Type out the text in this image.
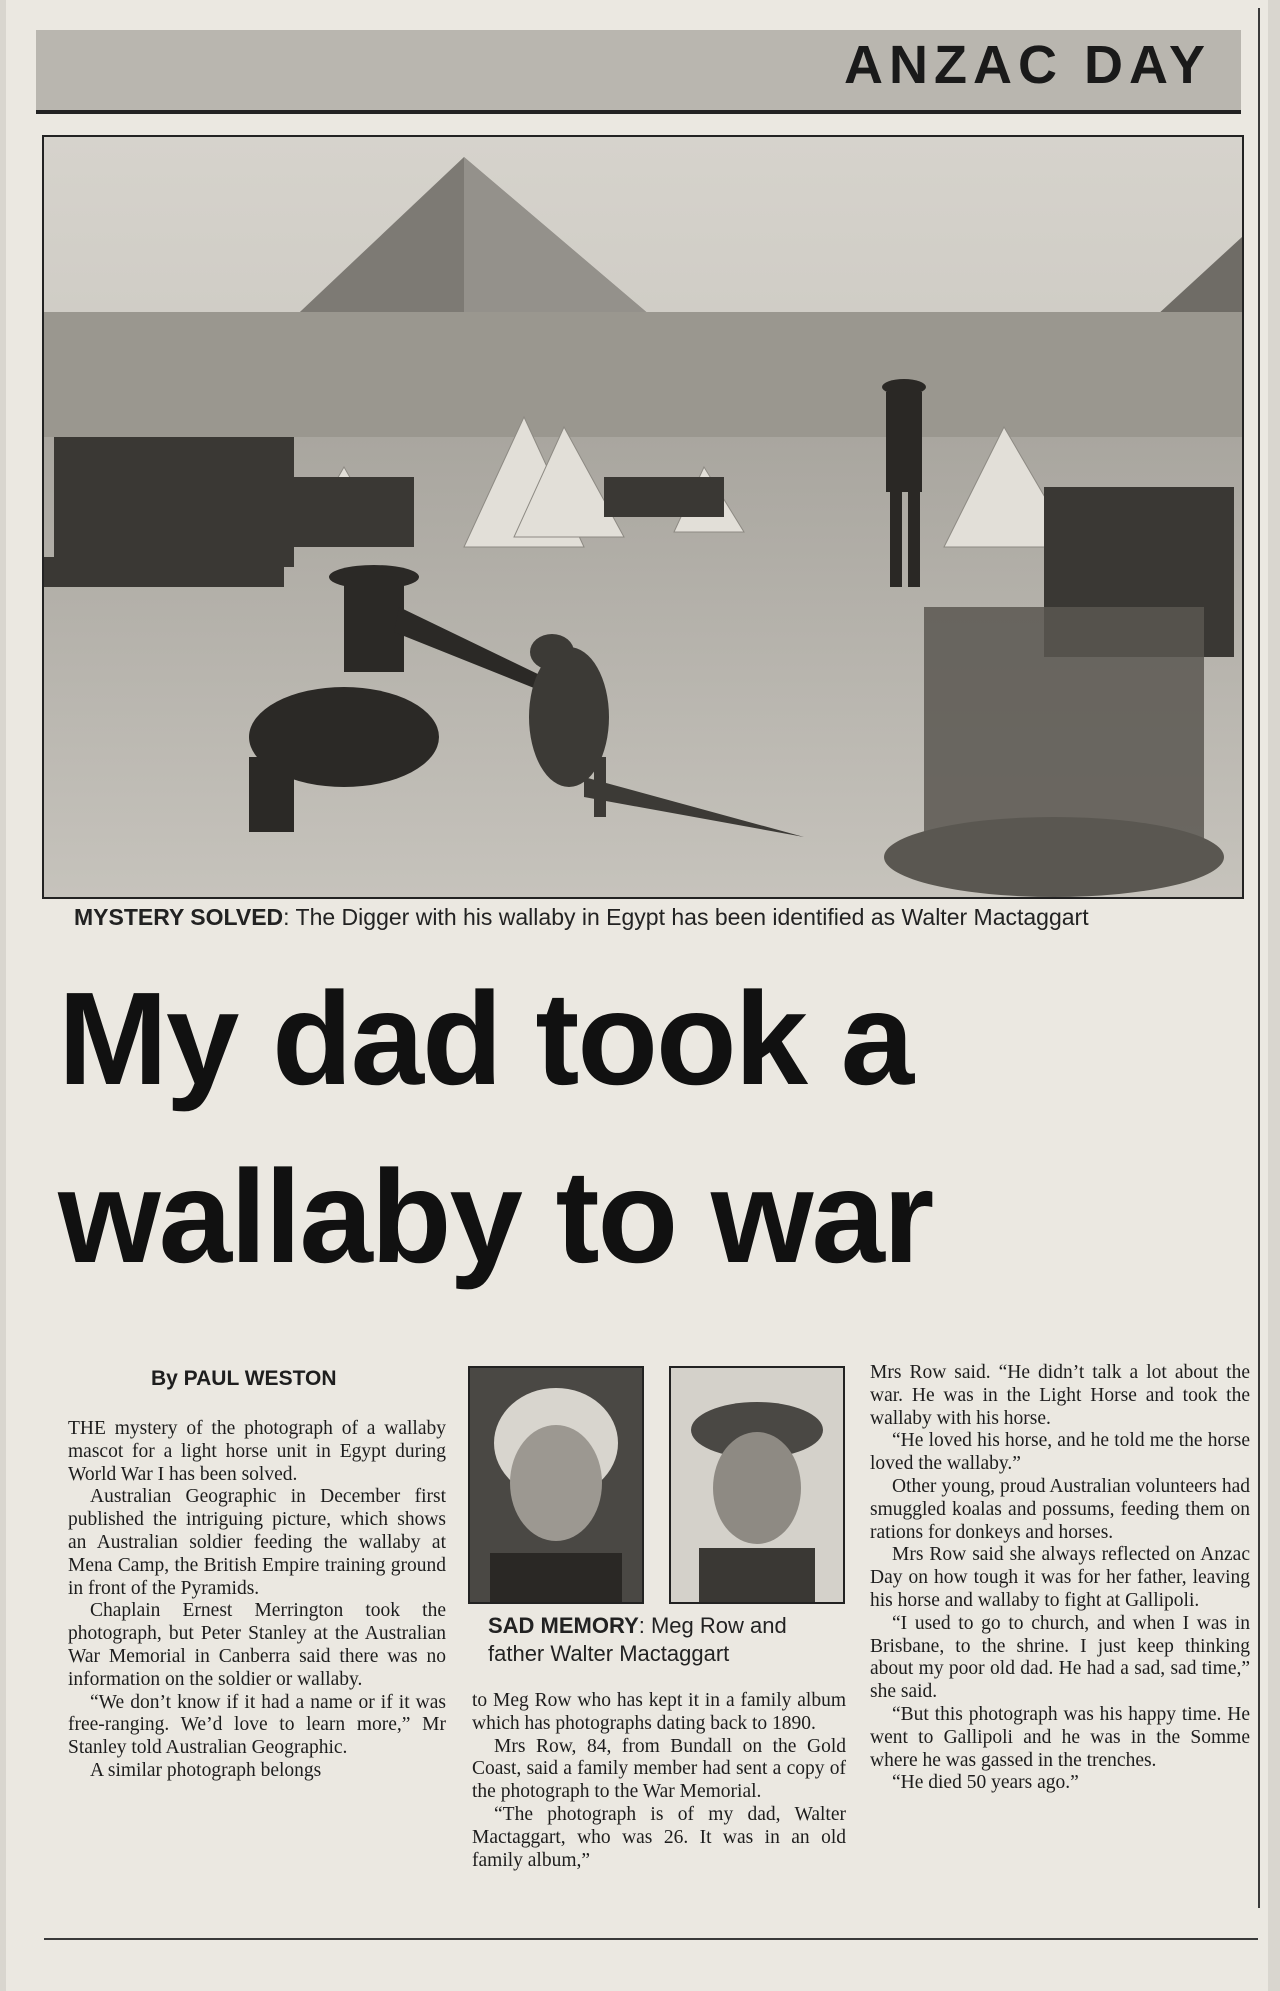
ANZAC DAY
MYSTERY SOLVED: The Digger with his wallaby in Egypt has been identified as Walter Mactaggart
My dad took a
wallaby to war
By PAUL WESTON

THE mystery of the photograph of a wallaby mascot for a light horse unit in Egypt during World War I has been solved.

Australian Geographic in December first published the intriguing picture, which shows an Australian soldier feeding the wallaby at Mena Camp, the British Empire training ground in front of the Pyramids.

Chaplain Ernest Merrington took the photograph, but Peter Stanley at the Australian War Memorial in Canberra said there was no information on the soldier or wallaby.

“We don’t know if it had a name or if it was free-ranging. We’d love to learn more,” Mr Stanley told Australian Geographic.

A similar photograph belongs

SAD MEMORY: Meg Row and father Walter Mactaggart

to Meg Row who has kept it in a family album which has photographs dating back to 1890.

Mrs Row, 84, from Bundall on the Gold Coast, said a family member had sent a copy of the photograph to the War Memorial.

“The photograph is of my dad, Walter Mactaggart, who was 26. It was in an old family album,”

Mrs Row said. “He didn’t talk a lot about the war. He was in the Light Horse and took the wallaby with his horse.

“He loved his horse, and he told me the horse loved the wallaby.”

Other young, proud Australian volunteers had smuggled koalas and possums, feeding them on rations for donkeys and horses.

Mrs Row said she always reflected on Anzac Day on how tough it was for her father, leaving his horse and wallaby to fight at Gallipoli.

“I used to go to church, and when I was in Brisbane, to the shrine. I just keep thinking about my poor old dad. He had a sad, sad time,” she said.

“But this photograph was his happy time. He went to Gallipoli and he was in the Somme where he was gassed in the trenches.

“He died 50 years ago.”
